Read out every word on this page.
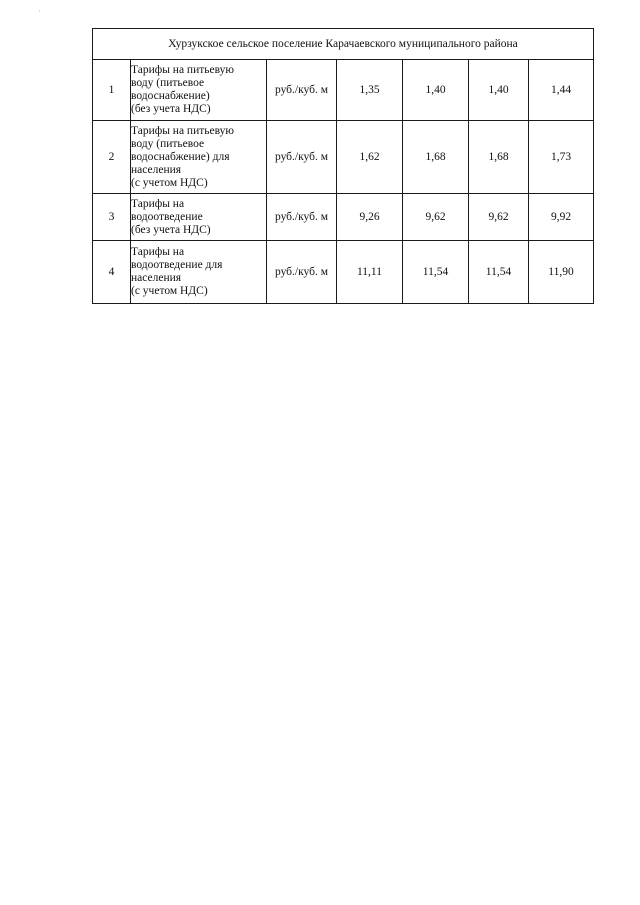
·
Хурзукское сельское поселение Карачаевского муниципального района						
1	Тарифы на питьевую
воду (питьевое
водоснабжение)
(без учета НДС)	руб./куб. м	1,35	1,40	1,40	1,44
2	Тарифы на питьевую
воду (питьевое
водоснабжение) для
населения
(с учетом НДС)	руб./куб. м	1,62	1,68	1,68	1,73
3	Тарифы на
водоотведение
(без учета НДС)	руб./куб. м	9,26	9,62	9,62	9,92
4	Тарифы на
водоотведение для
населения
(с учетом НДС)	руб./куб. м	11,11	11,54	11,54	11,90
